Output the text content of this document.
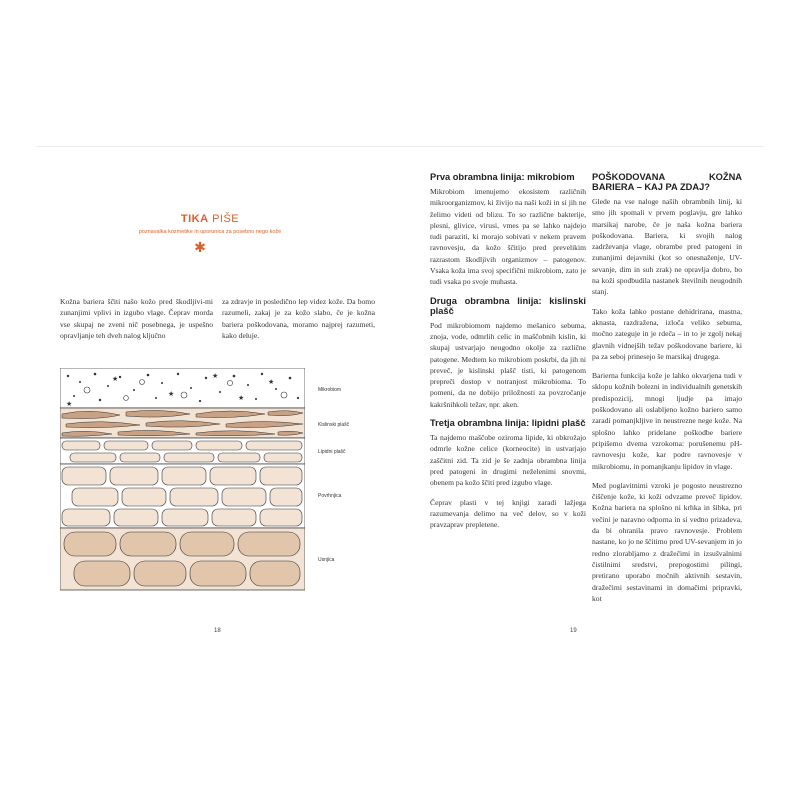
TIKA PIŠE
poznavalka kozmetike in uporunica za posebno nego kože
✱
Kožna bariera ščiti našo kožo pred škodljivi-mi zunanjimi vplivi in izgubo vlage. Čeprav morda vse skupaj ne zveni nič posebnega, je uspešno opravljanje teh dveh nalog ključno
za zdravje in posledično lep videz kože. Da bomo razumeli, zakaj je za kožo slabo, če je kožna bariera poškodovana, moramo najprej razumeti, kako deluje.
★
★
★
★
★
★
Mikrobiom
Kislinski plašč
Lipidni plašč
Povrhnjica
Usnjica
18
Prva obrambna linija: mikrobiom

Mikrobiom imenujemo ekosistem različnih mikroorganizmov, ki živijo na naši koži in si jih ne želimo videti od blizu. To so različne bakterije, plesni, glivice, virusi, vmes pa se lahko najdejo tudi paraziti, ki morajo sobivati v nekem pravem ravnovesju, da kožo ščitijo pred prevelikim razrastom škodljivih organizmov – patogenov. Vsaka koža ima svoj specifični mikrobiom, zato je tudi vsaka po svoje muhasta.

Druga obrambna linija: kislinski plašč

Pod mikrobiomom najdemo mešanico sebuma, znoja, vode, odmrlih celic in maščobnih kislin, ki skupaj ustvarjajo neugodno okolje za različne patogene. Medtem ko mikrobiom poskrbi, da jih ni preveč, je kislinski plašč tisti, ki patogenom prepreči dostop v notranjost mikrobioma. To pomeni, da ne dobijo priložnosti za povzročanje kakršnihkoli težav, npr. aken.

Tretja obrambna linija: lipidni plašč

Ta najdemo maščobe oziroma lipide, ki obkrožajo odmrle kožne celice (korneocite) in ustvarjajo zaščitni zid. Ta zid je še zadnja obrambna linija pred patogeni in drugimi neželenimi snovmi, obenem pa kožo ščiti pred izgubo vlage.

Čeprav plasti v tej knjigi zaradi lažjega razumevanja delimo na več delov, so v koži pravzaprav prepletene.

POŠKODOVANA KOŽNA BARIERA – KAJ PA ZDAJ?

Glede na vse naloge naših obrambnih linij, ki smo jih spomali v prvem poglavju, gre lahko marsikaj narobe, če je naša kožna bariera poškodovana. Bariera, ki svojih nalog zadrževanja vlage, obrambe pred patogeni in zunanjimi dejavniki (kot so onesnaženje, UV-sevanje, dim in suh zrak) ne opravlja dobro, bo na koži spodbudila nastanek številnih neugodnih stanj.

Tako koža lahko postane dehidrirana, mastna, aknasta, razdražena, izloča veliko sebuma, močno zateguje in je rdeča – in to je zgolj nekaj glavnih vidnejših težav poškodovane bariere, ki pa za seboj prinesejo še marsikaj drugega.

Barierna funkcija kože je lahko okvarjena tudi v sklopu kožnih bolezni in individualnih genetskih predispozicij, mnogi ljudje pa imajo poškodovano ali oslabljeno kožno bariero samo zaradi pomanjkljive in neustrezne nege kože. Na splošno lahko pridelane poškodbe bariere pripišemo dvema vzrokoma: porušenemu pH-ravnovesju kože, kar podre ravnovesje v mikrobiomu, in pomanjkanju lipidov in vlage.

Med poglavitnimi vzroki je pogosto neustrezno čiščenje kože, ki koži odvzame preveč lipidov. Kožna bariera na splošno ni krhka in šibka, pri večini je naravno odporna in si vedno prizadeva, da bi ohranila pravo ravnovesje. Problem nastane, ko jo ne ščitimo pred UV-sevanjem in jo redno zlorabljamo z dražečimi in izsušvalnimi čistilnimi sredstvi, prepogostimi pilingi, pretirano uporabo močnih aktivnih sestavin, dražečimi sestavinami in domačimi pripravki, kot

19
